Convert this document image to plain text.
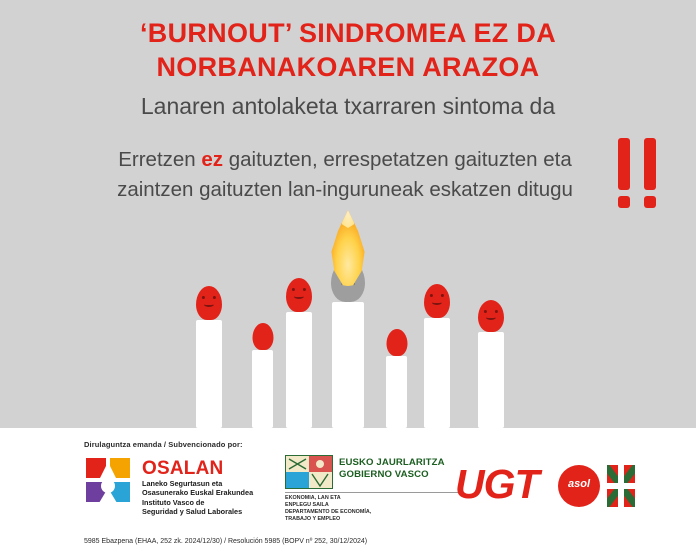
‘BURNOUT’ SINDROMEA EZ DA
NORBANAKOAREN ARAZOA
Lanaren antolaketa txarraren sintoma da
Erretzen ez gaituzten, errespetatzen gaituzten eta
zaintzen gaituzten lan-inguruneak eskatzen ditugu
Dirulaguntza emanda / Subvencionado por:
OSALAN
Laneko Segurtasun eta
Osasunerako Euskal Erakundea
Instituto Vasco de
Seguridad y Salud Laborales
EUSKO JAURLARITZA
GOBIERNO VASCO
EKONOMIA, LAN ETA
ENPLEGU SAILA
DEPARTAMENTO DE ECONOMÍA,
TRABAJO Y EMPLEO
UGT	asol
5985 Ebazpena (EHAA, 252 zk. 2024/12/30) / Resolución 5985 (BOPV nº 252, 30/12/2024)
